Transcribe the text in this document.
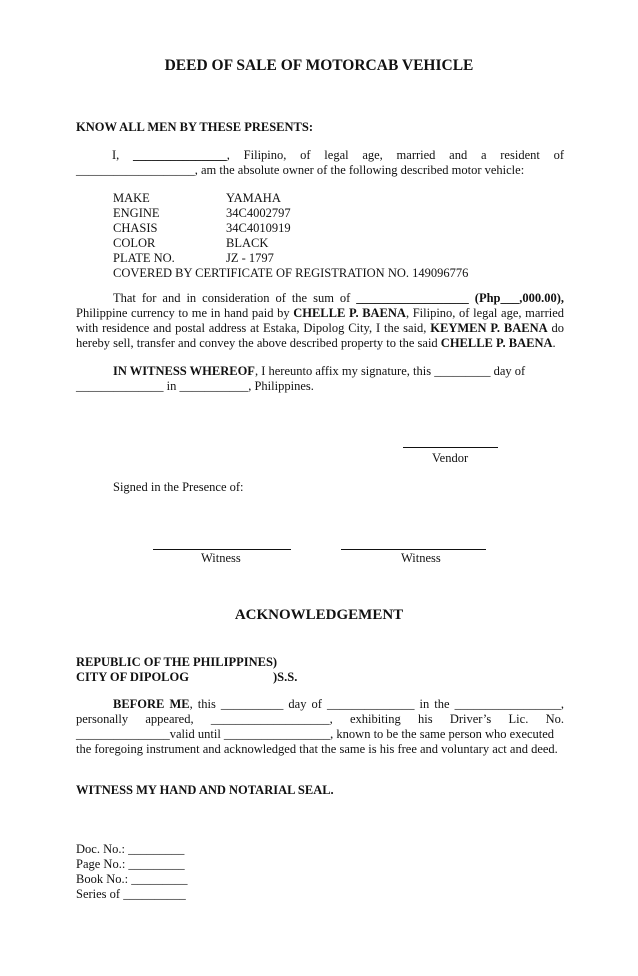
DEED OF SALE OF MOTORCAB VEHICLE
KNOW ALL MEN BY THESE PRESENTS:
I, _______________, Filipino, of legal age, married and a resident of
___________________, am the absolute owner of the following described motor vehicle:
MAKE	YAMAHA
ENGINE	34C4002797
CHASIS	34C4010919
COLOR	BLACK
PLATE NO.	JZ - 1797
COVERED BY CERTIFICATE OF REGISTRATION NO. 149096776
That for and in consideration of the sum of __________________ (Php___,000.00),
Philippine currency to me in hand paid by CHELLE P. BAENA, Filipino, of legal age, married
with residence and postal address at Estaka, Dipolog City, I the said, KEYMEN P. BAENA do
hereby sell, transfer and convey the above described property to the said CHELLE P. BAENA.
IN WITNESS WHEREOF, I hereunto affix my signature, this _________ day of
______________ in ___________, Philippines.
Vendor
Signed in the Presence of:
Witness	Witness
ACKNOWLEDGEMENT
REPUBLIC OF THE PHILIPPINES)
CITY OF DIPOLOG	)S.S.
BEFORE ME, this __________ day of ______________ in the _________________,
personally appeared, ___________________, exhibiting his Driver’s Lic. No.
_______________valid until _________________, known to be the same person who executed
the foregoing instrument and acknowledged that the same is his free and voluntary act and deed.
WITNESS MY HAND AND NOTARIAL SEAL.
Doc. No.: _________
Page No.: _________
Book No.: _________
Series of __________
